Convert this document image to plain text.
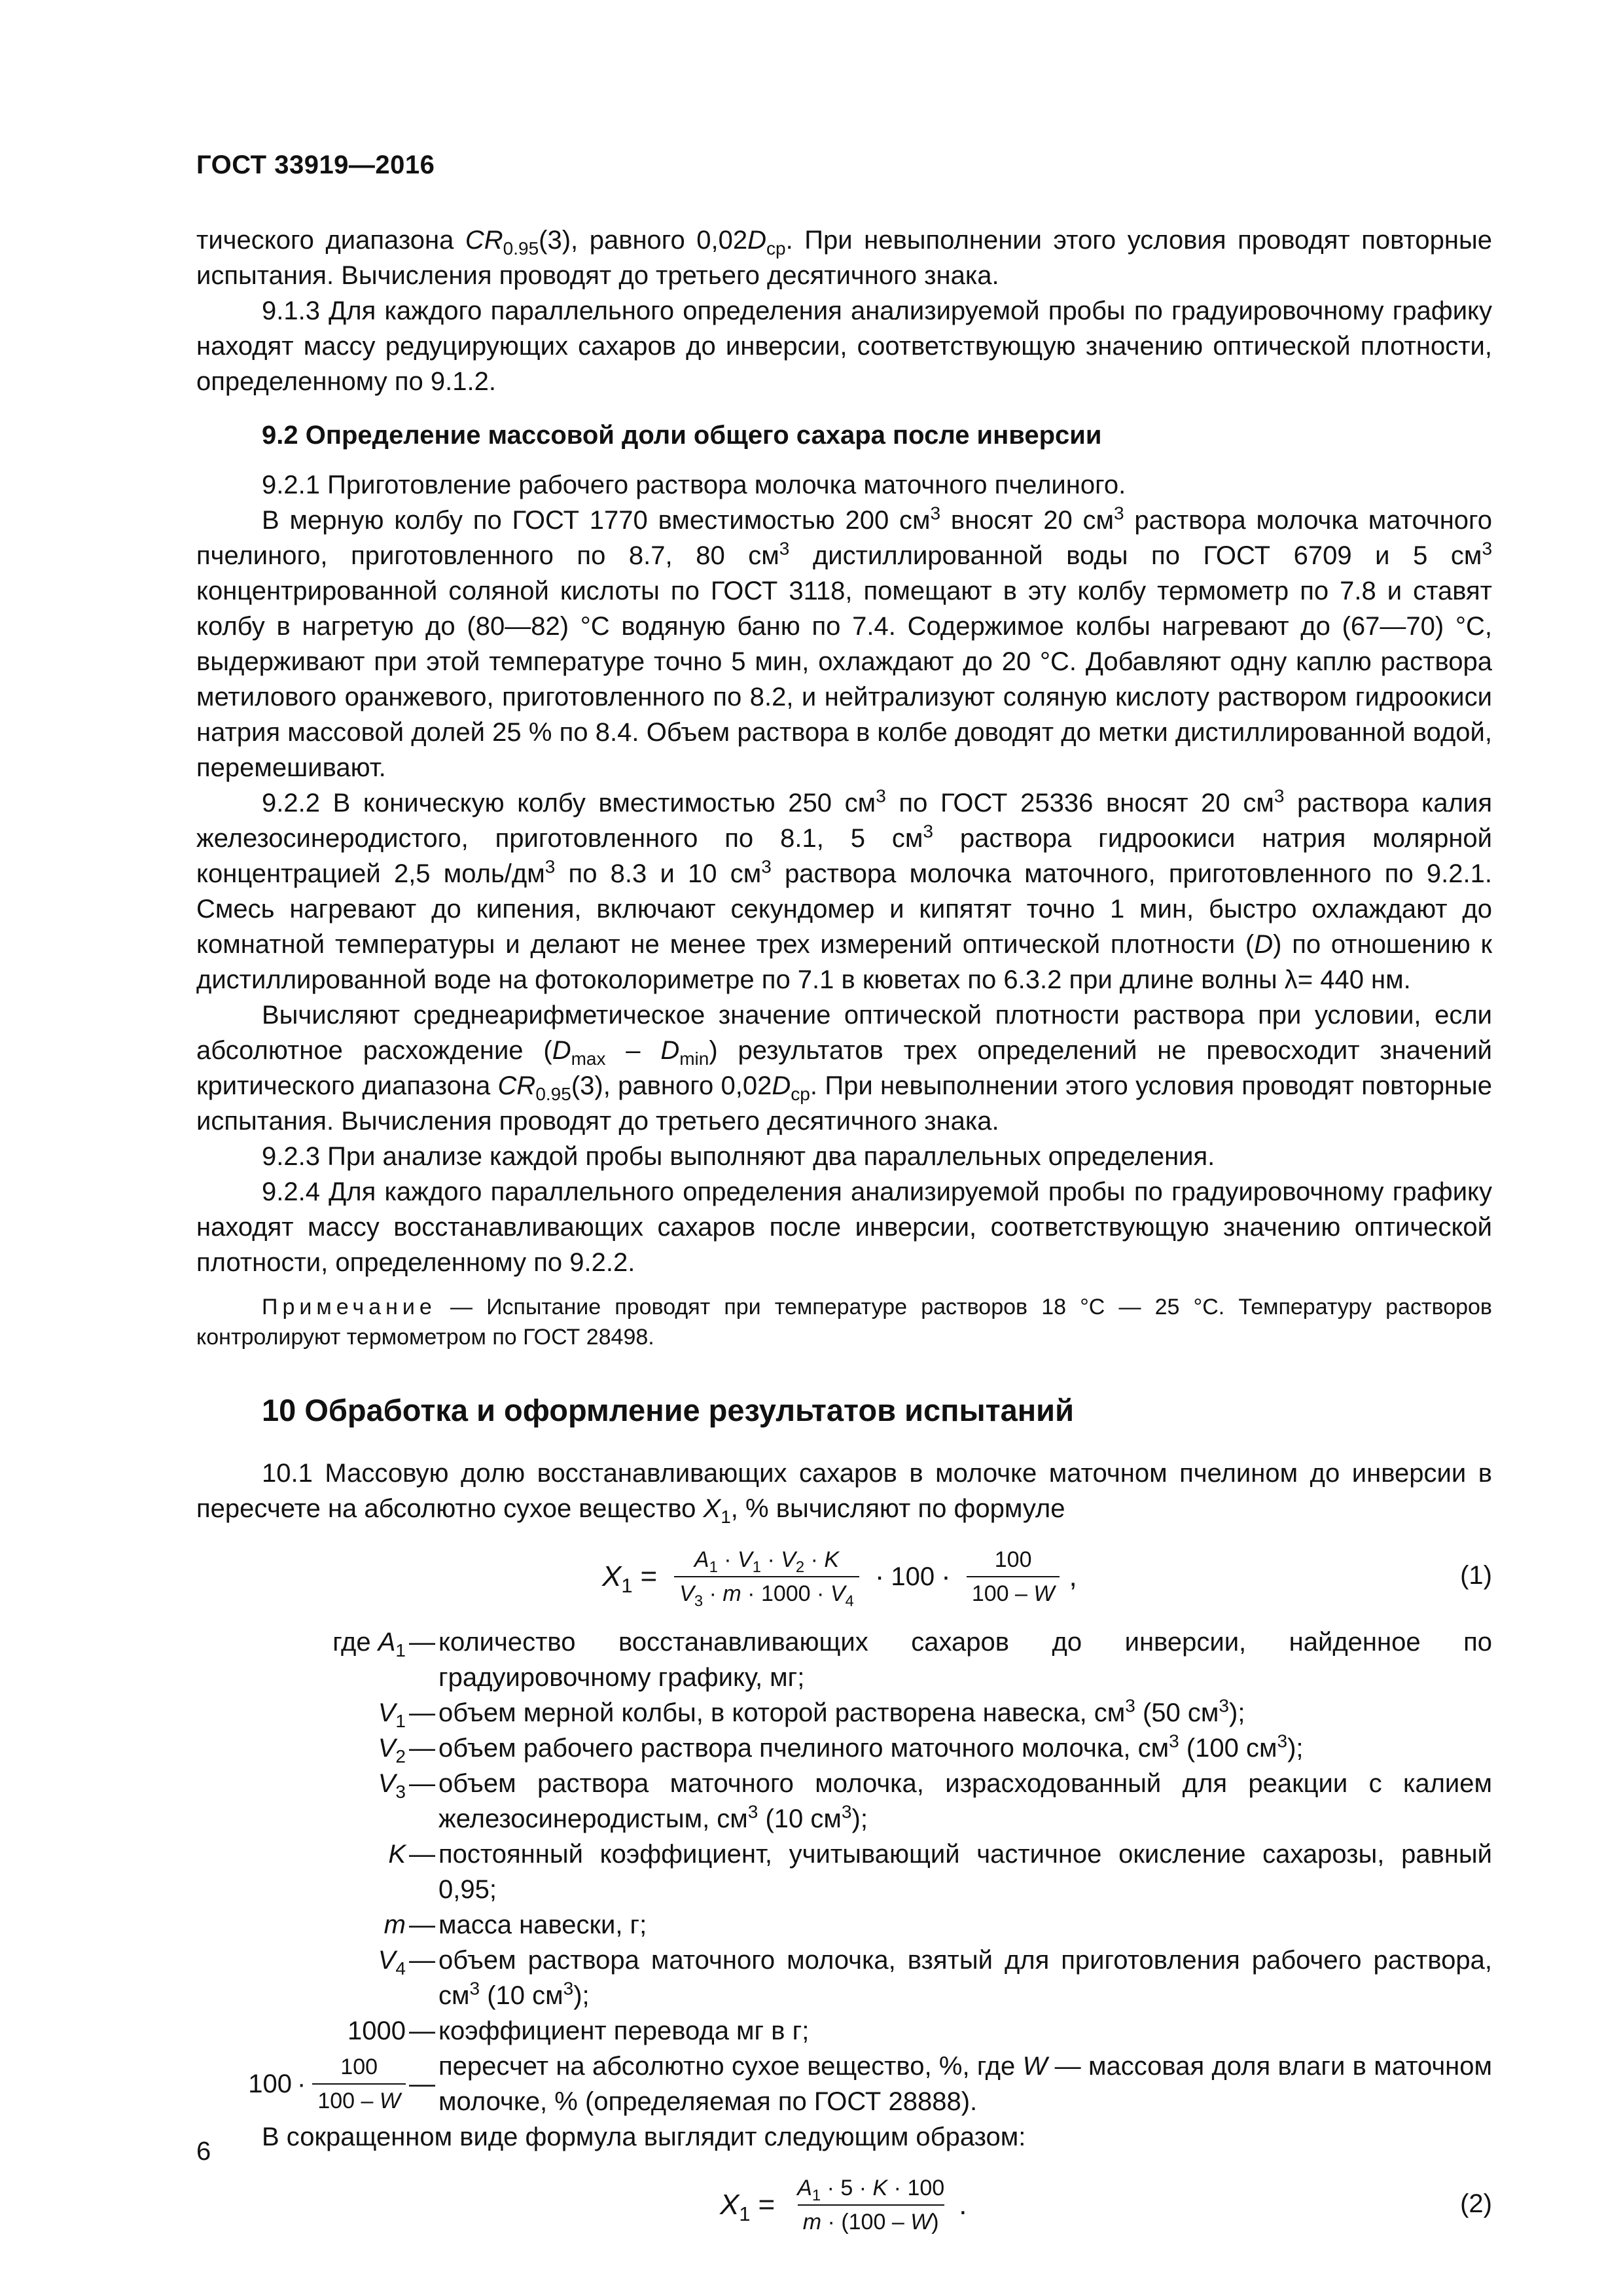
ГОСТ 33919—2016

тического диапазона $CR_{0.95}(3)$, равного $0,02D_{ср}$. При невыполнении этого условия проводят повторные испытания. Вычисления проводят до третьего десятичного знака.

9.1.3 Для каждого параллельного определения анализируемой пробы по градуировочному графику находят массу редуцирующих сахаров до инверсии, соответствующую значению оптической плотности, определенному по 9.1.2.

9.2 Определение массовой доли общего сахара после инверсии

9.2.1 Приготовление рабочего раствора молочка маточного пчелиного.

В мерную колбу по ГОСТ 1770 вместимостью 200 $см^3$ вносят 20 $см^3$ раствора молочка маточного пчелиного, приготовленного по 8.7, 80 $см^3$ дистиллированной воды по ГОСТ 6709 и 5 $см^3$ концентрированной соляной кислоты по ГОСТ 3118, помещают в эту колбу термометр по 7.8 и ставят колбу в нагретую до (80—82) °С водяную баню по 7.4. Содержимое колбы нагревают до (67—70) °С, выдерживают при этой температуре точно 5 мин, охлаждают до 20 °С. Добавляют одну каплю раствора метилового оранжевого, приготовленного по 8.2, и нейтрализуют соляную кислоту раствором гидроокиси натрия массовой долей 25 % по 8.4. Объем раствора в колбе доводят до метки дистиллированной водой, перемешивают.

9.2.2 В коническую колбу вместимостью 250 $см^3$ по ГОСТ 25336 вносят 20 $см^3$ раствора калия железосинеродистого, приготовленного по 8.1, 5 $см^3$ раствора гидроокиси натрия молярной концентрацией 2,5 моль/$дм^3$ по 8.3 и 10 $см^3$ раствора молочка маточного, приготовленного по 9.2.1. Смесь нагревают до кипения, включают секундомер и кипятят точно 1 мин, быстро охлаждают до комнатной температуры и делают не менее трех измерений оптической плотности (D) по отношению к дистиллированной воде на фотоколориметре по 7.1 в кюветах по 6.3.2 при длине волны λ= 440 нм.

Вычисляют среднеарифметическое значение оптической плотности раствора при условии, если абсолютное расхождение $(D_{max} - D_{min})$ результатов трех определений не превосходит значений критического диапазона $CR_{0.95}(3)$, равного $0,02D_{ср}$. При невыполнении этого условия проводят повторные испытания. Вычисления проводят до третьего десятичного знака.

9.2.3 При анализе каждой пробы выполняют два параллельных определения.

9.2.4 Для каждого параллельного определения анализируемой пробы по градуировочному графику находят массу восстанавливающих сахаров после инверсии, соответствующую значению оптической плотности, определенному по 9.2.2.

Примечание — Испытание проводят при температуре растворов 18 °С — 25 °С. Температуру растворов контролируют термометром по ГОСТ 28498.

10 Обработка и оформление результатов испытаний

10.1 Массовую долю восстанавливающих сахаров в молочке маточном пчелином до инверсии в пересчете на абсолютно сухое вещество $X_1$, % вычисляют по формуле

$X_1 = \frac{A_1 \cdot V_1 \cdot V_2 \cdot K}{V_3 \cdot m \cdot 1000 \cdot V_4} \cdot 100 \cdot \frac{100}{100 - W}$ ,	(1)
где $A_1$ — количество восстанавливающих сахаров до инверсии, найденное по градуировочному графику, мг;
$V_1$ — объем мерной колбы, в которой растворена навеска, $см^3$ (50 $см^3$);
$V_2$ — объем рабочего раствора пчелиного маточного молочка, $см^3$ (100 $см^3$);
$V_3$ — объем раствора маточного молочка, израсходованный для реакции с калием железосинеродистым, $см^3$ (10 $см^3$);
K — постоянный коэффициент, учитывающий частичное окисление сахарозы, равный 0,95;
m — масса навески, г;
$V_4$ — объем раствора маточного молочка, взятый для приготовления рабочего раствора, $см^3$ (10 $см^3$);
1000 — коэффициент перевода мг в г;
$100 \cdot \frac{100}{100 - W}$ —
пересчет на абсолютно сухое вещество, %, где W — массовая доля влаги в маточном молочке, % (определяемая по ГОСТ 28888).

В сокращенном виде формула выглядит следующим образом:

$X_1 = \frac{A_1 \cdot 5 \cdot K \cdot 100}{m \cdot (100 - W)}$ .	(2)
6
